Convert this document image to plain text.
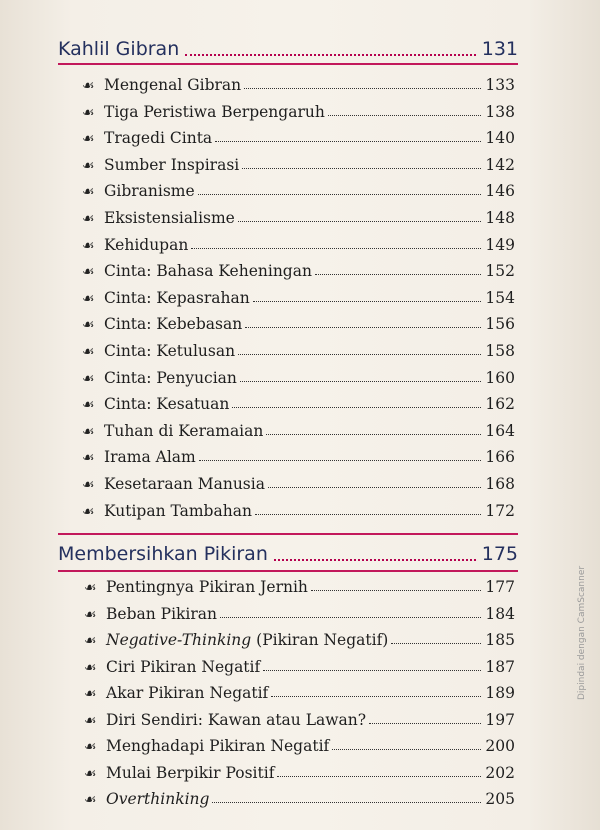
Kahlil Gibran	131
☙ Mengenal Gibran	133
☙ Tiga Peristiwa Berpengaruh	138
☙ Tragedi Cinta	140
☙ Sumber Inspirasi	142
☙ Gibranisme	146
☙ Eksistensialisme	148
☙ Kehidupan	149
☙ Cinta: Bahasa Keheningan	152
☙ Cinta: Kepasrahan	154
☙ Cinta: Kebebasan	156
☙ Cinta: Ketulusan	158
☙ Cinta: Penyucian	160
☙ Cinta: Kesatuan	162
☙ Tuhan di Keramaian	164
☙ Irama Alam	166
☙ Kesetaraan Manusia	168
☙ Kutipan Tambahan	172
Membersihkan Pikiran	175
☙ Pentingnya Pikiran Jernih	177
☙ Beban Pikiran	184
☙ Negative-Thinking (Pikiran Negatif)	185
☙ Ciri Pikiran Negatif	187
☙ Akar Pikiran Negatif	189
☙ Diri Sendiri: Kawan atau Lawan?	197
☙ Menghadapi Pikiran Negatif	200
☙ Mulai Berpikir Positif	202
☙ Overthinking	205
Dipindai dengan CamScanner
